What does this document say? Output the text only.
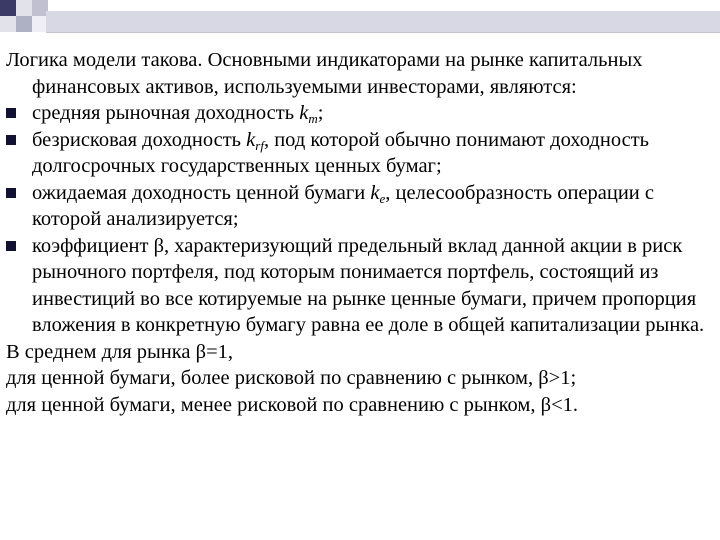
Логика модели такова. Основными индикаторами на рынке капитальных финансовых активов, используемыми инвесторами, являются:

средняя рыночная доходность $k_m$;

безрисковая доходность $k_{rf}$, под которой обычно понимают доходность долгосрочных государственных ценных бумаг;

ожидаемая доходность ценной бумаги $k_e$, целесообразность операции с которой анализируется;

коэффициент β, характеризующий предельный вклад данной акции в риск рыночного портфеля, под которым понимается портфель, состоящий из инвестиций во все котируемые на рынке ценные бумаги, причем пропорция вложения в конкретную бумагу равна ее доле в общей капитализации рынка.

В среднем для рынка β=1,

для ценной бумаги, более рисковой по сравнению с рынком, β>1;

для ценной бумаги, менее рисковой по сравнению с рынком, β<1.
